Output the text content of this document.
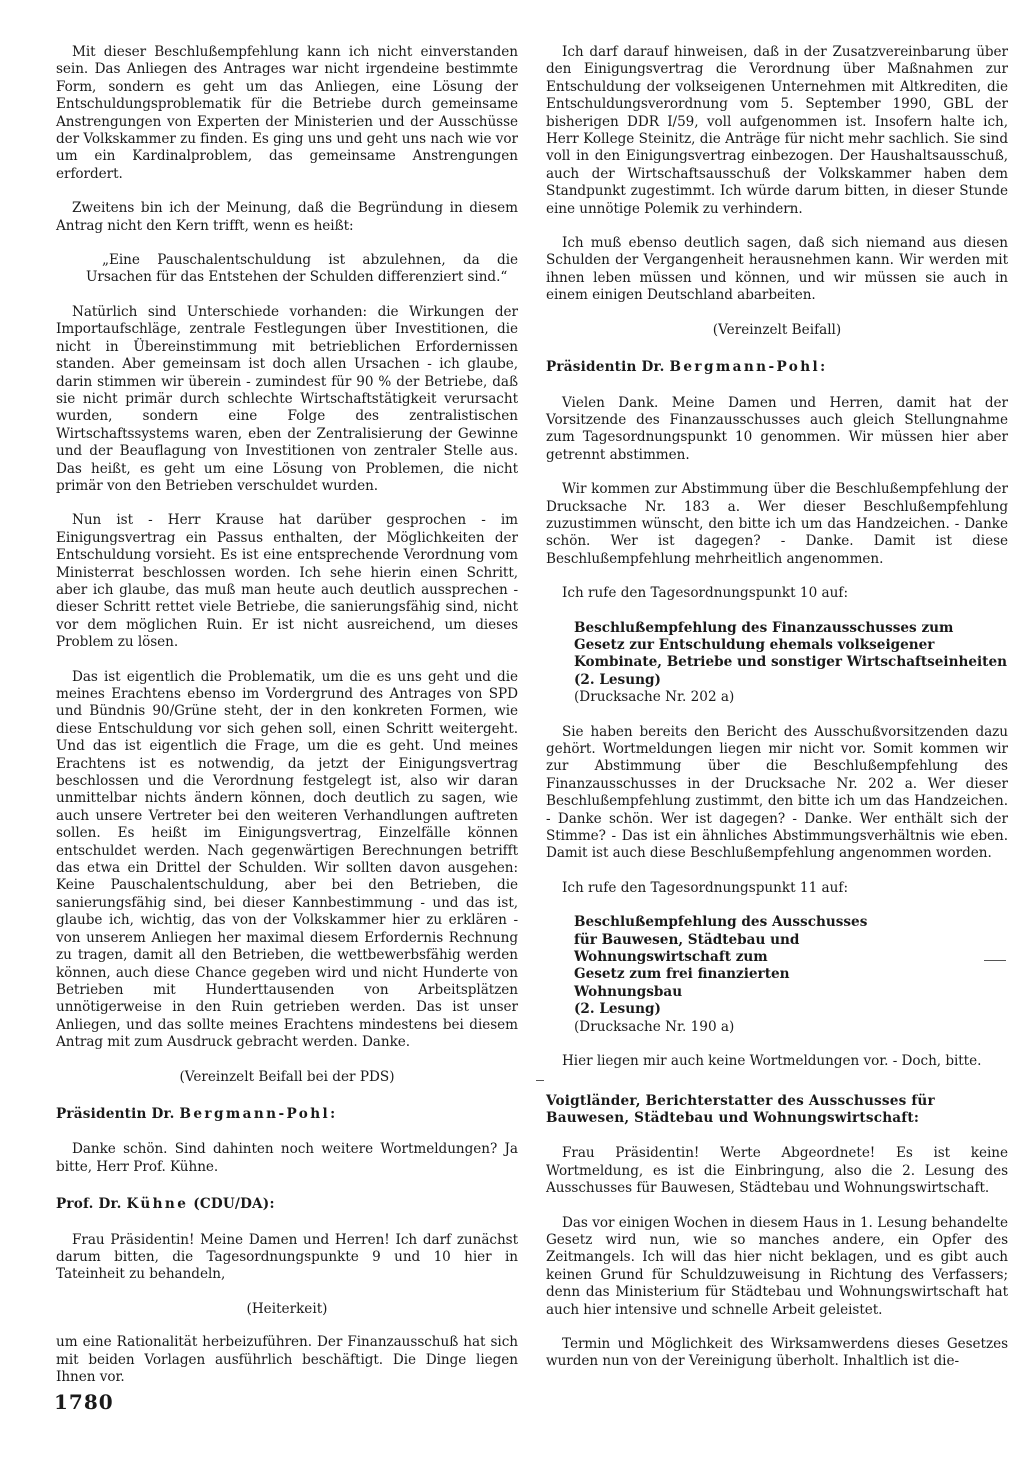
Mit dieser Beschlußempfehlung kann ich nicht einverstanden sein. Das Anliegen des Antrages war nicht irgendeine bestimmte Form, sondern es geht um das Anliegen, eine Lösung der Entschuldungsproblematik für die Betriebe durch gemeinsame Anstrengungen von Experten der Ministerien und der Ausschüsse der Volkskammer zu finden. Es ging uns und geht uns nach wie vor um ein Kardinalproblem, das gemeinsame Anstrengungen erfordert.

Zweitens bin ich der Meinung, daß die Begründung in diesem Antrag nicht den Kern trifft, wenn es heißt:

„Eine Pauschalentschuldung ist abzulehnen, da die Ursachen für das Entstehen der Schulden differenziert sind.“

Natürlich sind Unterschiede vorhanden: die Wirkungen der Importaufschläge, zentrale Festlegungen über Investitionen, die nicht in Übereinstimmung mit betrieblichen Erfordernissen standen. Aber gemeinsam ist doch allen Ursachen - ich glaube, darin stimmen wir überein - zumindest für 90 % der Betriebe, daß sie nicht primär durch schlechte Wirtschaftstätigkeit verursacht wurden, sondern eine Folge des zentralistischen Wirtschaftssystems waren, eben der Zentralisierung der Gewinne und der Beauflagung von Investitionen von zentraler Stelle aus. Das heißt, es geht um eine Lösung von Problemen, die nicht primär von den Betrieben verschuldet wurden.

Nun ist - Herr Krause hat darüber gesprochen - im Einigungsvertrag ein Passus enthalten, der Möglichkeiten der Entschuldung vorsieht. Es ist eine entsprechende Verordnung vom Ministerrat beschlossen worden. Ich sehe hierin einen Schritt, aber ich glaube, das muß man heute auch deutlich aussprechen - dieser Schritt rettet viele Betriebe, die sanierungsfähig sind, nicht vor dem möglichen Ruin. Er ist nicht ausreichend, um dieses Problem zu lösen.

Das ist eigentlich die Problematik, um die es uns geht und die meines Erachtens ebenso im Vordergrund des Antrages von SPD und Bündnis 90/Grüne steht, der in den konkreten Formen, wie diese Entschuldung vor sich gehen soll, einen Schritt weitergeht. Und das ist eigentlich die Frage, um die es geht. Und meines Erachtens ist es notwendig, da jetzt der Einigungsvertrag beschlossen und die Verordnung festgelegt ist, also wir daran unmittelbar nichts ändern können, doch deutlich zu sagen, wie auch unsere Vertreter bei den weiteren Verhandlungen auftreten sollen. Es heißt im Einigungsvertrag, Einzelfälle können entschuldet werden. Nach gegenwärtigen Berechnungen betrifft das etwa ein Drittel der Schulden. Wir sollten davon ausgehen: Keine Pauschalentschuldung, aber bei den Betrieben, die sanierungsfähig sind, bei dieser Kannbestimmung - und das ist, glaube ich, wichtig, das von der Volkskammer hier zu erklären - von unserem Anliegen her maximal diesem Erfordernis Rechnung zu tragen, damit all den Betrieben, die wettbewerbsfähig werden können, auch diese Chance gegeben wird und nicht Hunderte von Betrieben mit Hunderttausenden von Arbeitsplätzen unnötigerweise in den Ruin getrieben werden. Das ist unser Anliegen, und das sollte meines Erachtens mindestens bei diesem Antrag mit zum Ausdruck gebracht werden. Danke.

(Vereinzelt Beifall bei der PDS)

Präsidentin Dr. Bergmann-Pohl:

Danke schön. Sind dahinten noch weitere Wortmeldungen? Ja bitte, Herr Prof. Kühne.

Prof. Dr. Kühne (CDU/DA):

Frau Präsidentin! Meine Damen und Herren! Ich darf zunächst darum bitten, die Tagesordnungspunkte 9 und 10 hier in Tateinheit zu behandeln,

(Heiterkeit)

um eine Rationalität herbeizuführen. Der Finanzausschuß hat sich mit beiden Vorlagen ausführlich beschäftigt. Die Dinge liegen Ihnen vor.

Ich darf darauf hinweisen, daß in der Zusatzvereinbarung über den Einigungsvertrag die Verordnung über Maßnahmen zur Entschuldung der volkseigenen Unternehmen mit Altkrediten, die Entschuldungsverordnung vom 5. September 1990, GBL der bisherigen DDR I/59, voll aufgenommen ist. Insofern halte ich, Herr Kollege Steinitz, die Anträge für nicht mehr sachlich. Sie sind voll in den Einigungsvertrag einbezogen. Der Haushaltsausschuß, auch der Wirtschaftsausschuß der Volkskammer haben dem Standpunkt zugestimmt. Ich würde darum bitten, in dieser Stunde eine unnötige Polemik zu verhindern.

Ich muß ebenso deutlich sagen, daß sich niemand aus diesen Schulden der Vergangenheit herausnehmen kann. Wir werden mit ihnen leben müssen und können, und wir müssen sie auch in einem einigen Deutschland abarbeiten.

(Vereinzelt Beifall)

Präsidentin Dr. Bergmann-Pohl:

Vielen Dank. Meine Damen und Herren, damit hat der Vorsitzende des Finanzausschusses auch gleich Stellungnahme zum Tagesordnungspunkt 10 genommen. Wir müssen hier aber getrennt abstimmen.

Wir kommen zur Abstimmung über die Beschlußempfehlung der Drucksache Nr. 183 a. Wer dieser Beschlußempfehlung zuzustimmen wünscht, den bitte ich um das Handzeichen. - Danke schön. Wer ist dagegen? - Danke. Damit ist diese Beschlußempfehlung mehrheitlich angenommen.

Ich rufe den Tagesordnungspunkt 10 auf:

Beschlußempfehlung des Finanzausschusses zum Gesetz zur Entschuldung ehemals volkseigener Kombinate, Betriebe und sonstiger Wirtschaftseinheiten (2. Lesung)
(Drucksache Nr. 202 a)

Sie haben bereits den Bericht des Ausschußvorsitzenden dazu gehört. Wortmeldungen liegen mir nicht vor. Somit kommen wir zur Abstimmung über die Beschlußempfehlung des Finanzausschusses in der Drucksache Nr. 202 a. Wer dieser Beschlußempfehlung zustimmt, den bitte ich um das Handzeichen. - Danke schön. Wer ist dagegen? - Danke. Wer enthält sich der Stimme? - Das ist ein ähnliches Abstimmungsverhältnis wie eben. Damit ist auch diese Beschlußempfehlung angenommen worden.

Ich rufe den Tagesordnungspunkt 11 auf:

Beschlußempfehlung des Ausschusses
für Bauwesen, Städtebau und
Wohnungswirtschaft zum
Gesetz zum frei finanzierten
Wohnungsbau
(2. Lesung)
(Drucksache Nr. 190 a)

Hier liegen mir auch keine Wortmeldungen vor. - Doch, bitte.

Voigtländer, Berichterstatter des Ausschusses für Bauwesen, Städtebau und Wohnungswirtschaft:

Frau Präsidentin! Werte Abgeordnete! Es ist keine Wortmeldung, es ist die Einbringung, also die 2. Lesung des Ausschusses für Bauwesen, Städtebau und Wohnungswirtschaft.

Das vor einigen Wochen in diesem Haus in 1. Lesung behandelte Gesetz wird nun, wie so manches andere, ein Opfer des Zeitmangels. Ich will das hier nicht beklagen, und es gibt auch keinen Grund für Schuldzuweisung in Richtung des Verfassers; denn das Ministerium für Städtebau und Wohnungswirtschaft hat auch hier intensive und schnelle Arbeit geleistet.

Termin und Möglichkeit des Wirksamwerdens dieses Gesetzes wurden nun von der Vereinigung überholt. Inhaltlich ist die-

1780
